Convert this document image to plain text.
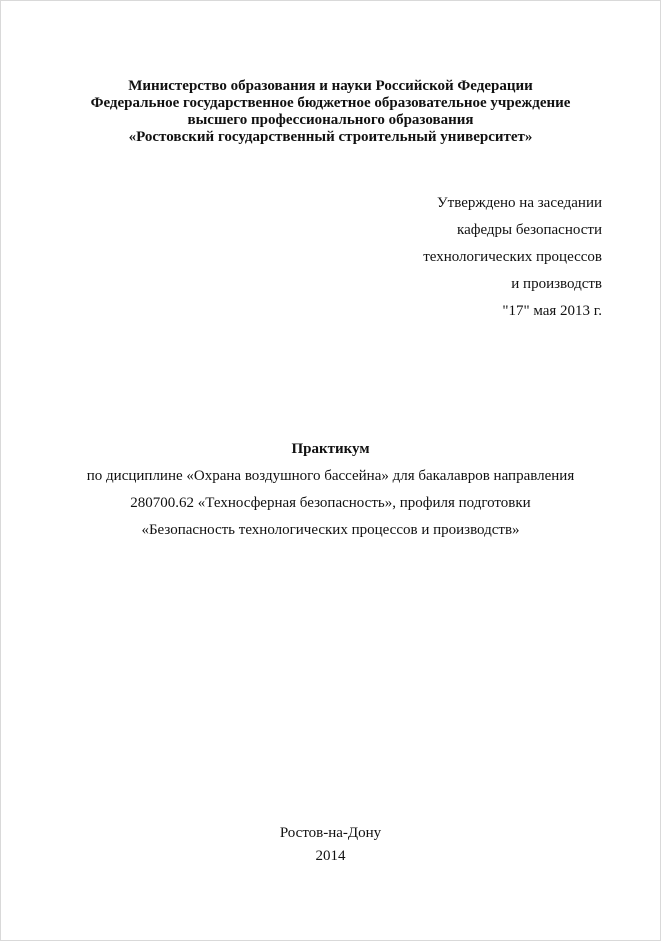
Министерство образования и науки Российской Федерации
Федеральное государственное бюджетное образовательное учреждение
высшего профессионального образования
«Ростовский государственный строительный университет»
Утверждено на заседании
кафедры безопасности
технологических процессов
и производств
"17" мая 2013 г.
Практикум
по дисциплине «Охрана воздушного бассейна» для бакалавров направления
280700.62 «Техносферная безопасность», профиля подготовки
«Безопасность технологических процессов и производств»
Ростов-на-Дону
2014
